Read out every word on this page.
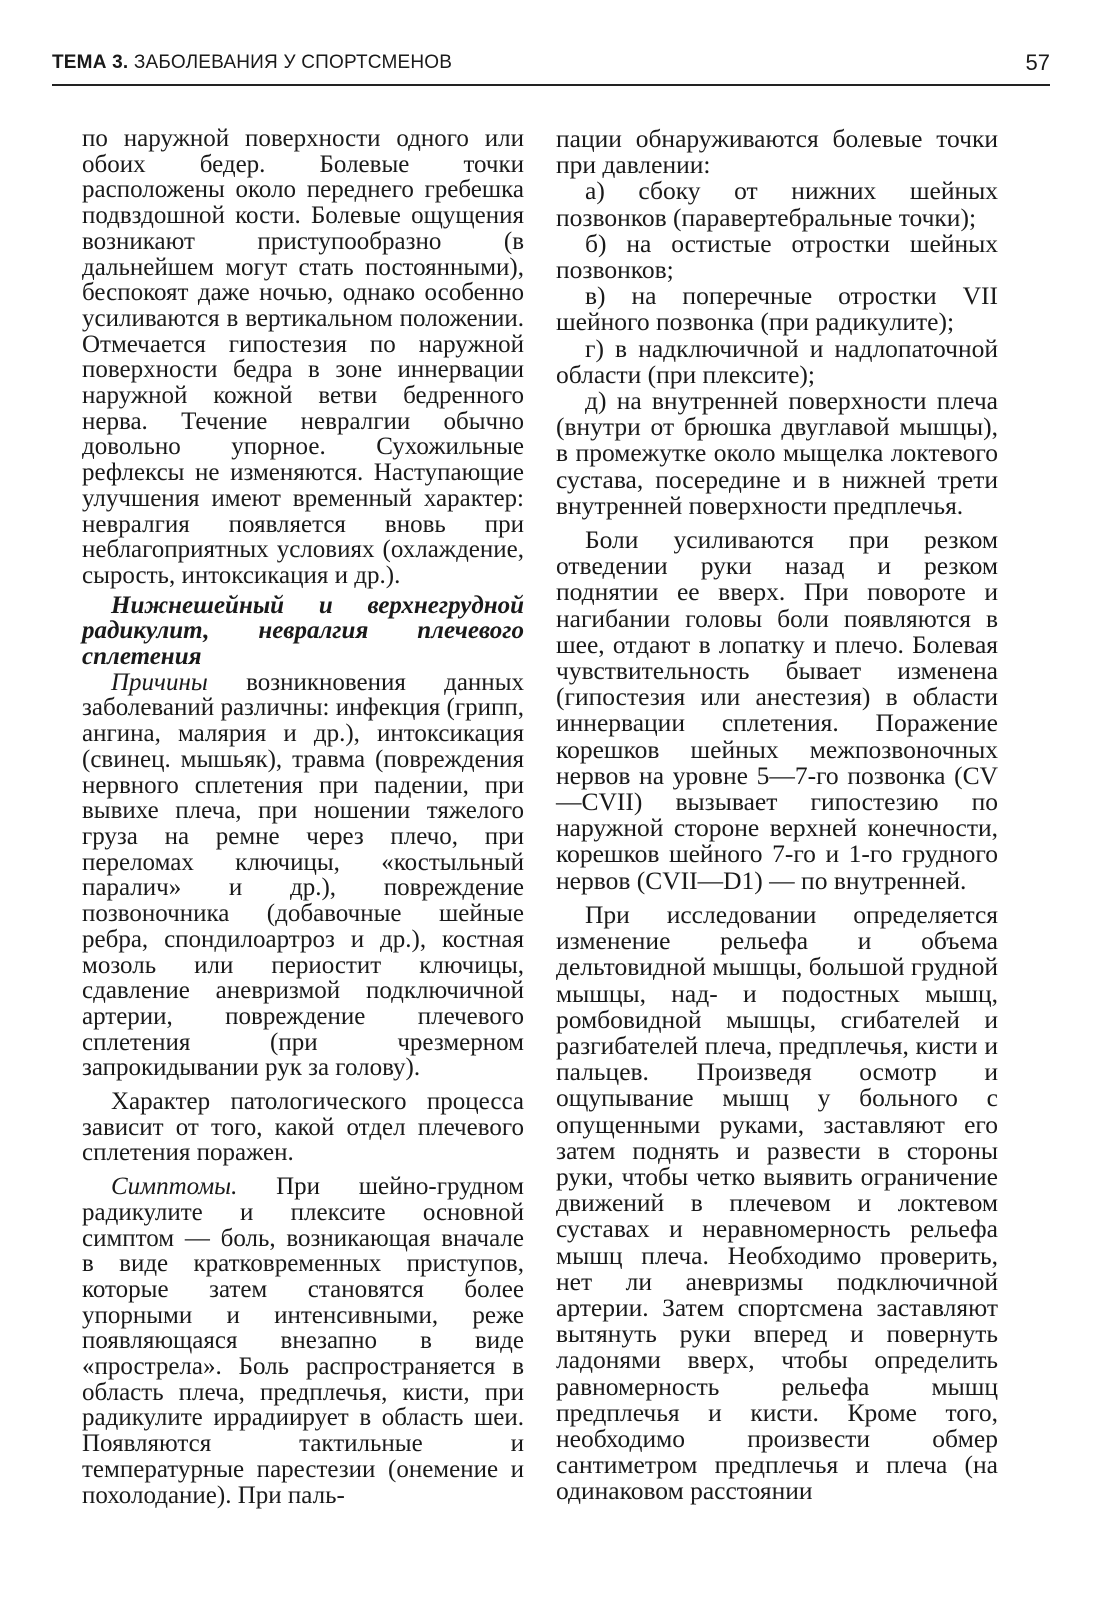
ТЕМА 3. ЗАБОЛЕВАНИЯ У СПОРТСМЕНОВ	57

по наружной поверхности одного или обоих бедер. Болевые точки расположены около переднего гребешка подвздошной кости. Болевые ощущения возникают приступообразно (в дальнейшем могут стать постоянными), беспокоят даже ночью, однако особенно усиливаются в вертикальном положении. Отмечается гипостезия по наружной поверхности бедра в зоне иннервации наружной кожной ветви бедренного нерва. Течение невралгии обычно довольно упорное. Сухожильные рефлексы не изменяются. Наступающие улучшения имеют временный характер: невралгия появляется вновь при неблагоприятных условиях (охлаждение, сырость, интоксикация и др.).

Нижнешейный и верхнегрудной радикулит, невралгия плечевого сплетения

Причины возникновения данных заболеваний различны: инфекция (грипп, ангина, малярия и др.), интоксикация (свинец. мышьяк), травма (повреждения нервного сплетения при падении, при вывихе плеча, при ношении тяжелого груза на ремне через плечо, при переломах ключицы, «костыльный паралич» и др.), повреждение позвоночника (добавочные шейные ребра, спондилоартроз и др.), костная мозоль или периостит ключицы, сдавление аневризмой подключичной артерии, повреждение плечевого сплетения (при чрезмерном запрокидывании рук за голову).

Характер патологического процесса зависит от того, какой отдел плечевого сплетения поражен.

Симптомы. При шейно-грудном радикулите и плексите основной симптом — боль, возникающая вначале в виде кратковременных приступов, которые затем становятся более упорными и интенсивными, реже появляющаяся внезапно в виде «прострела». Боль распространяется в область плеча, предплечья, кисти, при радикулите иррадиирует в область шеи. Появляются тактильные и температурные парестезии (онемение и похолодание). При паль-

пации обнаруживаются болевые точки при давлении:

а) сбоку от нижних шейных позвонков (паравертебральные точки);

б) на остистые отростки шейных позвонков;

в) на поперечные отростки VII шейного позвонка (при радикулите);

г) в надключичной и надлопаточной области (при плексите);

д) на внутренней поверхности плеча (внутри от брюшка двуглавой мышцы), в промежутке около мыщелка локтевого сустава, посередине и в нижней трети внутренней поверхности предплечья.

Боли усиливаются при резком отведении руки назад и резком поднятии ее вверх. При повороте и нагибании головы боли появляются в шее, отдают в лопатку и плечо. Болевая чувствительность бывает изменена (гипостезия или анестезия) в области иннервации сплетения. Поражение корешков шейных межпозвоночных нервов на уровне 5—7-го позвонка (CV—CVII) вызывает гипостезию по наружной стороне верхней конечности, корешков шейного 7-го и 1-го грудного нервов (CVII—D1) — по внутренней.

При исследовании определяется изменение рельефа и объема дельтовидной мышцы, большой грудной мышцы, над- и подостных мышц, ромбовидной мышцы, сгибателей и разгибателей плеча, предплечья, кисти и пальцев. Произведя осмотр и ощупывание мышц у больного с опущенными руками, заставляют его затем поднять и развести в стороны руки, чтобы четко выявить ограничение движений в плечевом и локтевом суставах и неравномерность рельефа мышц плеча. Необходимо проверить, нет ли аневризмы подключичной артерии. Затем спортсмена заставляют вытянуть руки вперед и повернуть ладонями вверх, чтобы определить равномерность рельефа мышц предплечья и кисти. Кроме того, необходимо произвести обмер сантиметром предплечья и плеча (на одинаковом расстоянии
